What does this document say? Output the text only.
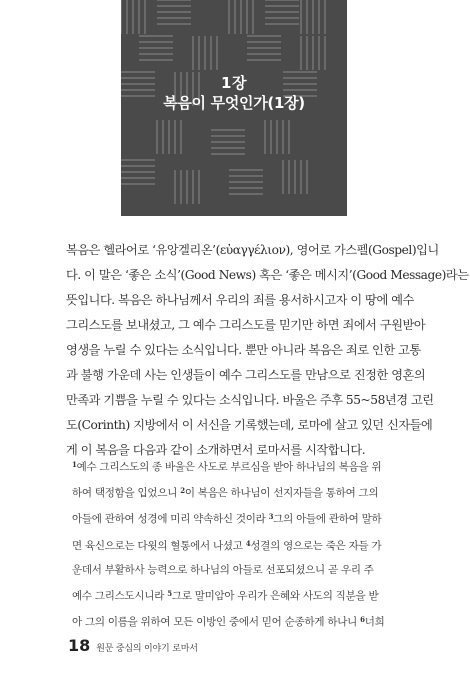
1장
복음이 무엇인가(1장)

복음은 헬라어로 ‘유앙겔리온’(εὐαγγέλιον), 영어로 가스펠(Gospel)입니

다. 이 말은 ‘좋은 소식’(Good News) 혹은 ‘좋은 메시지’(Good Message)라는

뜻입니다. 복음은 하나님께서 우리의 죄를 용서하시고자 이 땅에 예수

그리스도를 보내셨고, 그 예수 그리스도를 믿기만 하면 죄에서 구원받아

영생을 누릴 수 있다는 소식입니다. 뿐만 아니라 복음은 죄로 인한 고통

과 불행 가운데 사는 인생들이 예수 그리스도를 만남으로 진정한 영혼의

만족과 기쁨을 누릴 수 있다는 소식입니다. 바울은 주후 55~58년경 고린

도(Corinth) 지방에서 이 서신을 기록했는데, 로마에 살고 있던 신자들에

게 이 복음을 다음과 같이 소개하면서 로마서를 시작합니다.

$^1$예수 그리스도의 종 바울은 사도로 부르심을 받아 하나님의 복음을 위

하여 택정함을 입었으니 $^2$이 복음은 하나님이 선지자들을 통하여 그의

아들에 관하여 성경에 미리 약속하신 것이라 $^3$그의 아들에 관하여 말하

면 육신으로는 다윗의 혈통에서 나셨고 $^4$성결의 영으로는 죽은 자들 가

운데서 부활하사 능력으로 하나님의 아들로 선포되셨으니 곧 우리 주

예수 그리스도시니라 $^5$그로 말미암아 우리가 은혜와 사도의 직분을 받

아 그의 이름을 위하여 모든 이방인 중에서 믿어 순종하게 하나니 $^6$너희

18 원문 중심의 이야기 로마서
